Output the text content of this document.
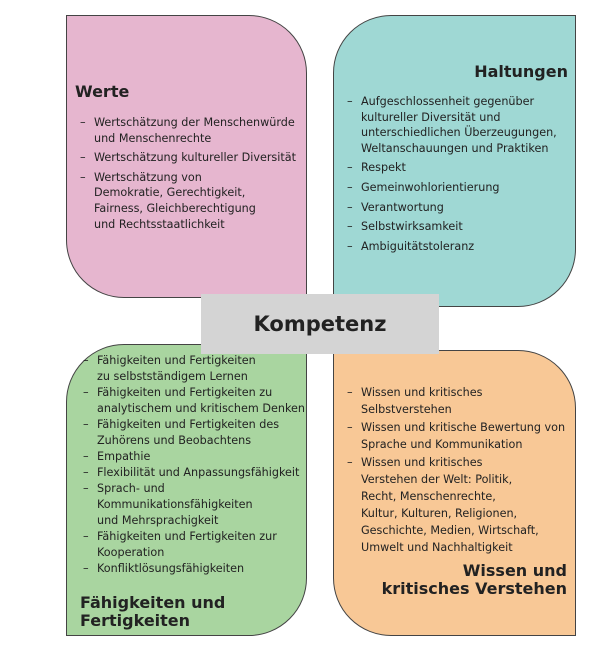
Kompetenz
Werte
– Wertschätzung der Menschenwürde
und Menschenrechte
– Wertschätzung kultureller Diversität
– Wertschätzung von
Demokratie, Gerechtigkeit,
Fairness, Gleichberechtigung
und Rechtsstaatlichkeit
Haltungen
– Aufgeschlossenheit gegenüber
kultureller Diversität und
unterschiedlichen Überzeugungen,
Weltanschauungen und Praktiken
– Respekt
– Gemeinwohlorientierung
– Verantwortung
– Selbstwirksamkeit
– Ambiguitätstoleranz
– Fähigkeiten und Fertigkeiten
zu selbstständigem Lernen
– Fähigkeiten und Fertigkeiten zu
analytischem und kritischem Denken
– Fähigkeiten und Fertigkeiten des
Zuhörens und Beobachtens
– Empathie
– Flexibilität und Anpassungsfähigkeit
– Sprach- und
Kommunikationsfähigkeiten
und Mehrsprachigkeit
– Fähigkeiten und Fertigkeiten zur
Kooperation
– Konfliktlösungsfähigkeiten
Fähigkeiten und
Fertigkeiten
– Wissen und kritisches
Selbstverstehen
– Wissen und kritische Bewertung von
Sprache und Kommunikation
– Wissen und kritisches
Verstehen der Welt: Politik,
Recht, Menschenrechte,
Kultur, Kulturen, Religionen,
Geschichte, Medien, Wirtschaft,
Umwelt und Nachhaltigkeit
Wissen und
kritisches Verstehen
